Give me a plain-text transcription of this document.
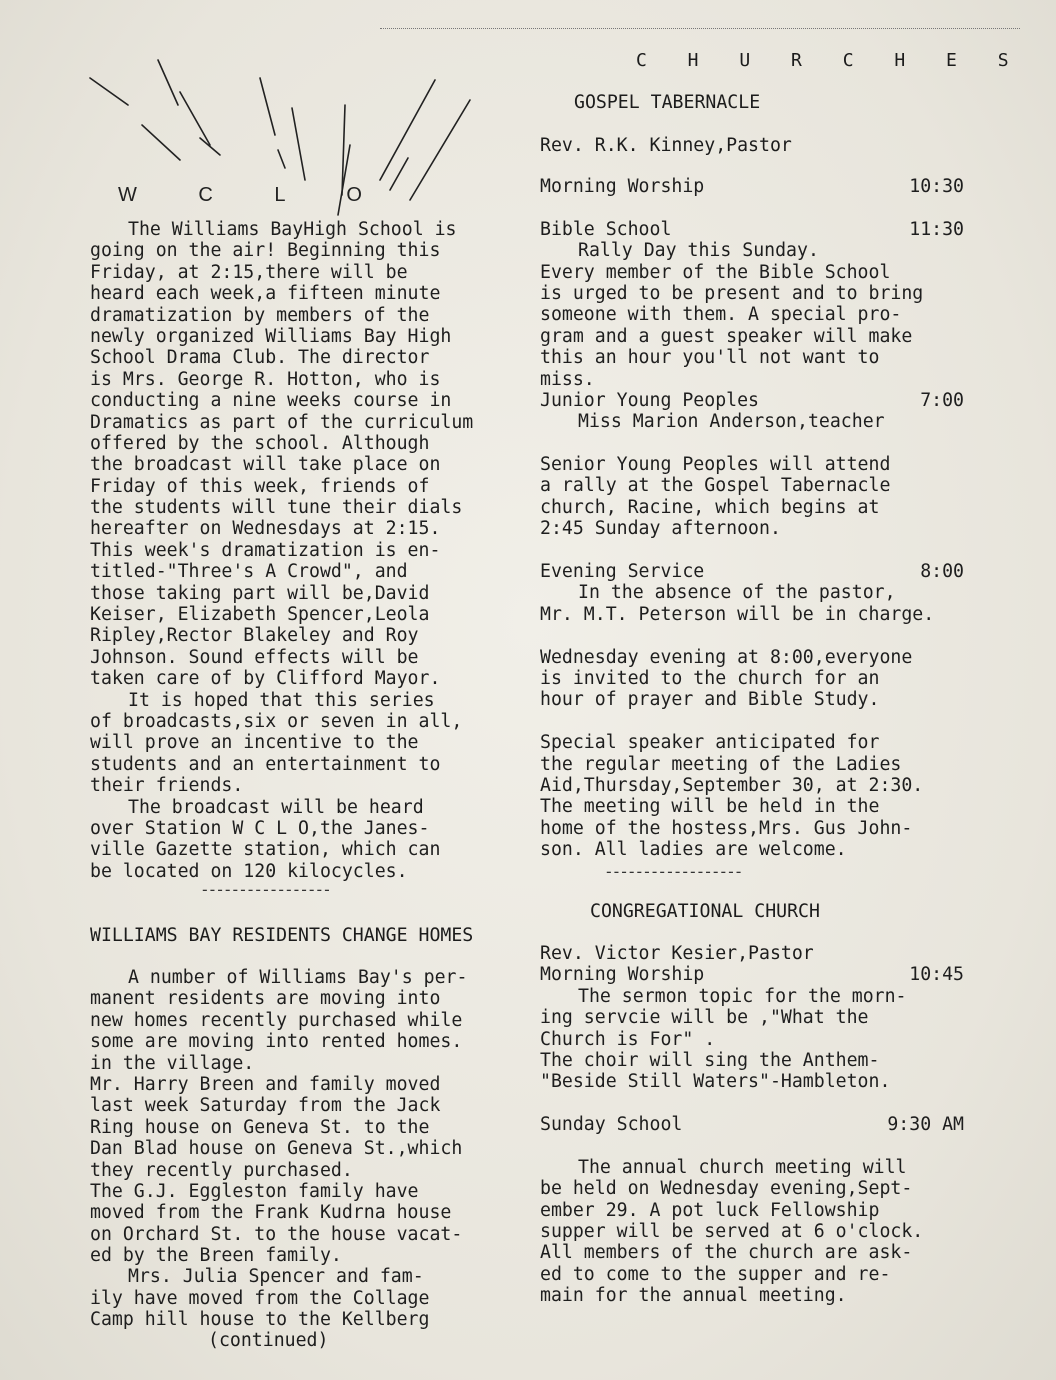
W C L O
The Williams BayHigh School is
going on the air! Beginning this
Friday, at 2:15,there will be
heard each week,a fifteen minute
dramatization by members of the
newly organized Williams Bay High
School Drama Club. The director
is Mrs. George R. Hotton, who is
conducting a nine weeks course in
Dramatics as part of the curriculum
offered by the school. Although
the broadcast will take place on
Friday of this week, friends of
the students will tune their dials
hereafter on Wednesdays at 2:15.
This week's dramatization is en-
titled-"Three's A Crowd", and
those taking part will be,David
Keiser, Elizabeth Spencer,Leola
Ripley,Rector Blakeley and Roy
Johnson. Sound effects will be
taken care of by Clifford Mayor.
It is hoped that this series
of broadcasts,six or seven in all,
will prove an incentive to the
students and an entertainment to
their friends.
The broadcast will be heard
over Station W C L O,the Janes-
ville Gazette station, which can
be located on 120 kilocycles.
-----------------
WILLIAMS BAY RESIDENTS CHANGE HOMES
A number of Williams Bay's per-
manent residents are moving into
new homes recently purchased while
some are moving into rented homes.
in the village.
Mr. Harry Breen and family moved
last week Saturday from the Jack
Ring house on Geneva St. to the
Dan Blad house on Geneva St.,which
they recently purchased.
The G.J. Eggleston family have
moved from the Frank Kudrna house
on Orchard St. to the house vacat-
ed by the Breen family.
Mrs. Julia Spencer and fam-
ily have moved from the Collage
Camp hill house to the Kellberg
(continued)
C H U R C H E S
GOSPEL TABERNACLE
Rev. R.K. Kinney,Pastor
Morning Worship	10:30
Bible School	11:30
Rally Day this Sunday.
Every member of the Bible School
is urged to be present and to bring
someone with them. A special pro-
gram and a guest speaker will make
this an hour you'll not want to
miss.
Junior Young Peoples	7:00
Miss Marion Anderson,teacher
Senior Young Peoples will attend
a rally at the Gospel Tabernacle
church, Racine, which begins at
2:45 Sunday afternoon.
Evening Service	8:00
In the absence of the pastor,
Mr. M.T. Peterson will be in charge.
Wednesday evening at 8:00,everyone
is invited to the church for an
hour of prayer and Bible Study.
Special speaker anticipated for
the regular meeting of the Ladies
Aid,Thursday,September 30, at 2:30.
The meeting will be held in the
home of the hostess,Mrs. Gus John-
son. All ladies are welcome.
------------------
CONGREGATIONAL CHURCH
Rev. Victor Kesier,Pastor
Morning Worship	10:45
The sermon topic for the morn-
ing servcie will be ,"What the
Church is For" .
The choir will sing the Anthem-
"Beside Still Waters"-Hambleton.
Sunday School	9:30 AM
The annual church meeting will
be held on Wednesday evening,Sept-
ember 29. A pot luck Fellowship
supper will be served at 6 o'clock.
All members of the church are ask-
ed to come to the supper and re-
main for the annual meeting.
